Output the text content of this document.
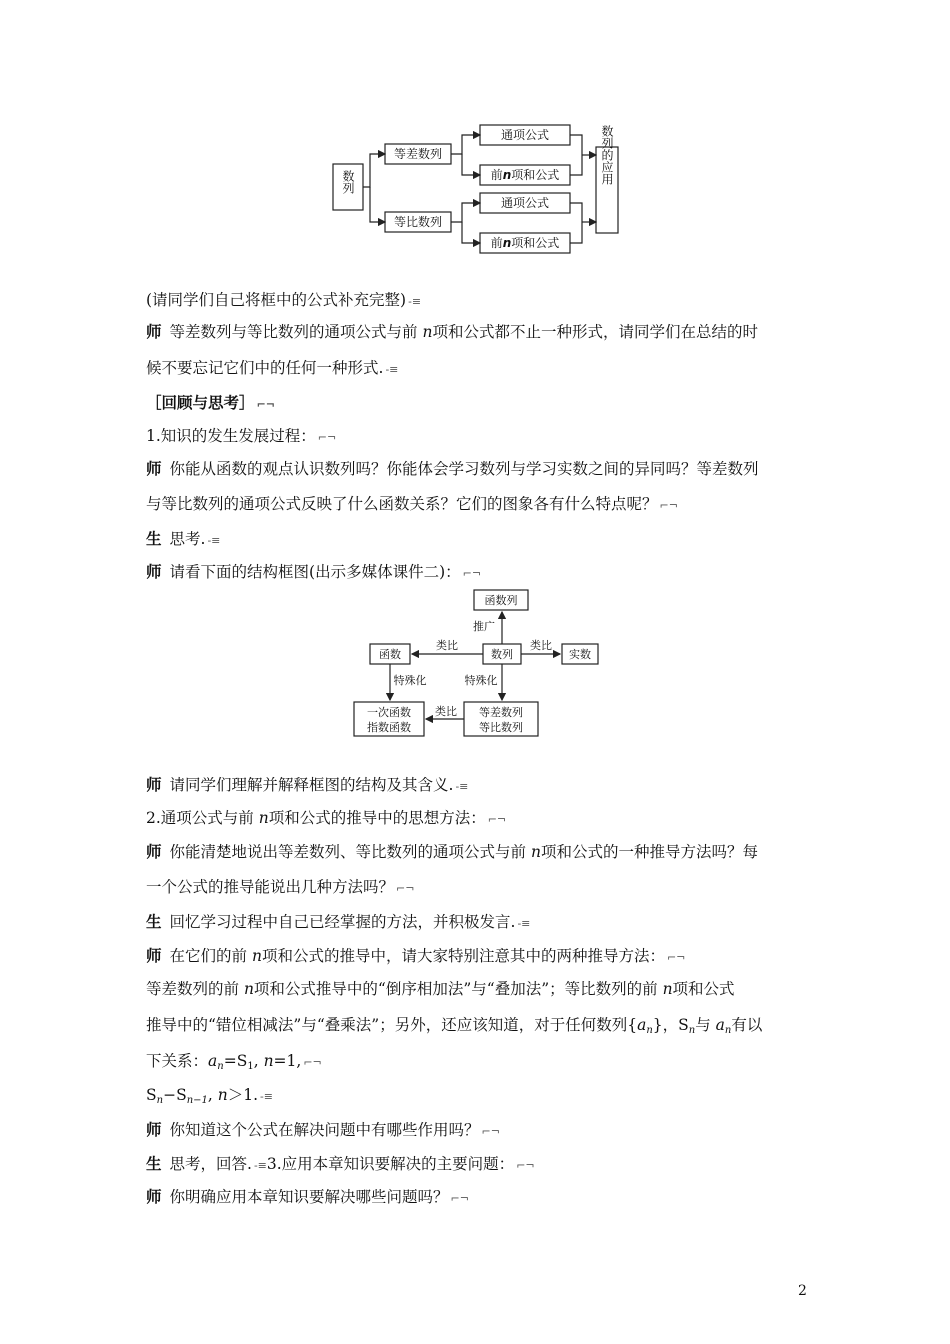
数列
等差数列
等比数列
通项公式
通项公式
前n项和公式
前n项和公式
数列的应用
(请同学们自己将框中的公式补充完整) -≡
师 等差数列与等比数列的通项公式与前 n项和公式都不止一种形式，请同学们在总结的时
候不要忘记它们中的任何一种形式. -≡
［回顾与思考］ ⌐¬
1.知识的发生发展过程： ⌐¬
师 你能从函数的观点认识数列吗？你能体会学习数列与学习实数之间的异同吗？等差数列
与等比数列的通项公式反映了什么函数关系？它们的图象各有什么特点呢？ ⌐¬
生 思考. -≡
师 请看下面的结构框图(出示多媒体课件二)： ⌐¬
函数列
推广
函数	数列	实数
类比	类比
特殊化	特殊化
类比
一次函数
指数函数
等差数列
等比数列
师 请同学们理解并解释框图的结构及其含义. -≡
2.通项公式与前 n项和公式的推导中的思想方法： ⌐¬
师 你能清楚地说出等差数列、等比数列的通项公式与前 n项和公式的一种推导方法吗？每
一个公式的推导能说出几种方法吗？ ⌐¬
生 回忆学习过程中自己已经掌握的方法，并积极发言. -≡
师 在它们的前 n项和公式的推导中，请大家特别注意其中的两种推导方法： ⌐¬
等差数列的前 n项和公式推导中的“倒序相加法”与“叠加法”；等比数列的前 n项和公式
推导中的“错位相减法”与“叠乘法”；另外，还应该知道，对于任何数列$\{a_n\}$，$S_n$与 $a_n$有以
下关系：$a_n=S_1$, n=1, ⌐¬
$S_n-S_{n-1}$, n＞1. -≡
师 你知道这个公式在解决问题中有哪些作用吗？ ⌐¬
生 思考，回答. -≡3.应用本章知识要解决的主要问题： ⌐¬
师 你明确应用本章知识要解决哪些问题吗？ ⌐¬
2
